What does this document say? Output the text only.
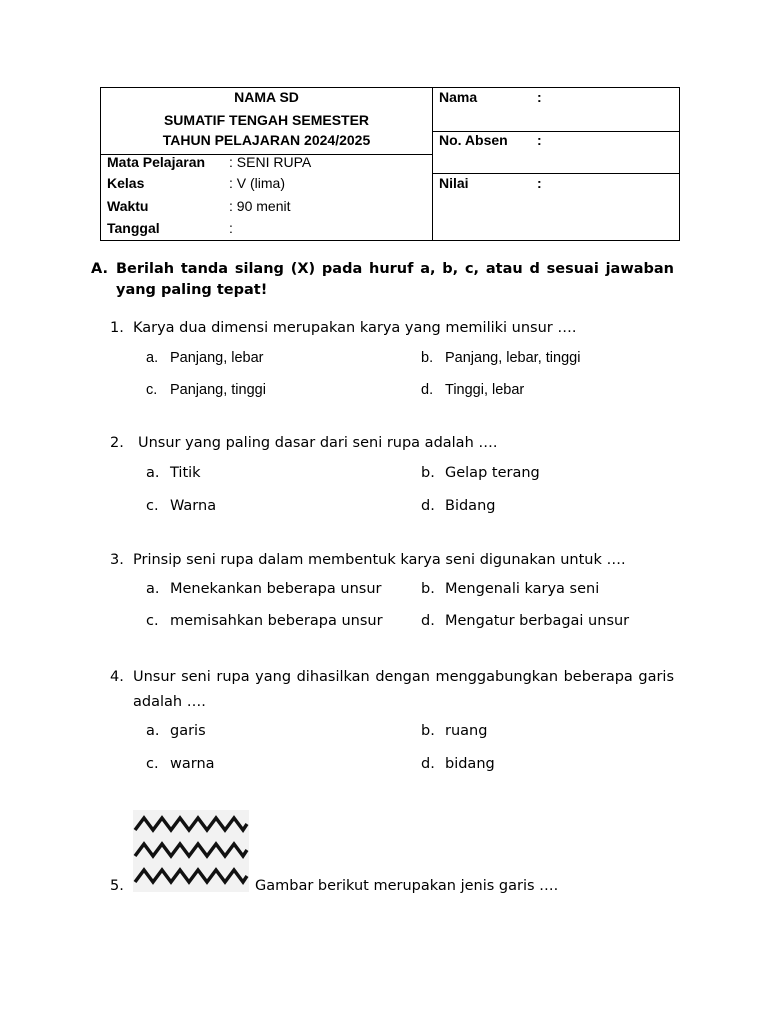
NAMA SD
SUMATIF TENGAH SEMESTER
TAHUN PELAJARAN 2024/2025
Mata Pelajaran : SENI RUPA
Kelas	: V (lima)
Waktu	: 90 menit
Tanggal	:
Nama	:
No. Absen :
Nilai	:
A. Berilah tanda silang (X) pada huruf a, b, c, atau d sesuai jawaban yang paling tepat!
1. Karya dua dimensi merupakan karya yang memiliki unsur ….
a. Panjang, lebar	b. Panjang, lebar, tinggi
c. Panjang, tinggi	d. Tinggi, lebar
2. Unsur yang paling dasar dari seni rupa adalah ….
a. Titik	b. Gelap terang
c. Warna	d. Bidang
3. Prinsip seni rupa dalam membentuk karya seni digunakan untuk ….
a. Menekankan beberapa unsur	b. Mengenali karya seni
c. memisahkan beberapa unsur	d. Mengatur berbagai unsur
4. Unsur seni rupa yang dihasilkan dengan menggabungkan beberapa garis adalah ….
a. garis	b. ruang
c. warna	d. bidang
5.	Gambar berikut merupakan jenis garis ….
